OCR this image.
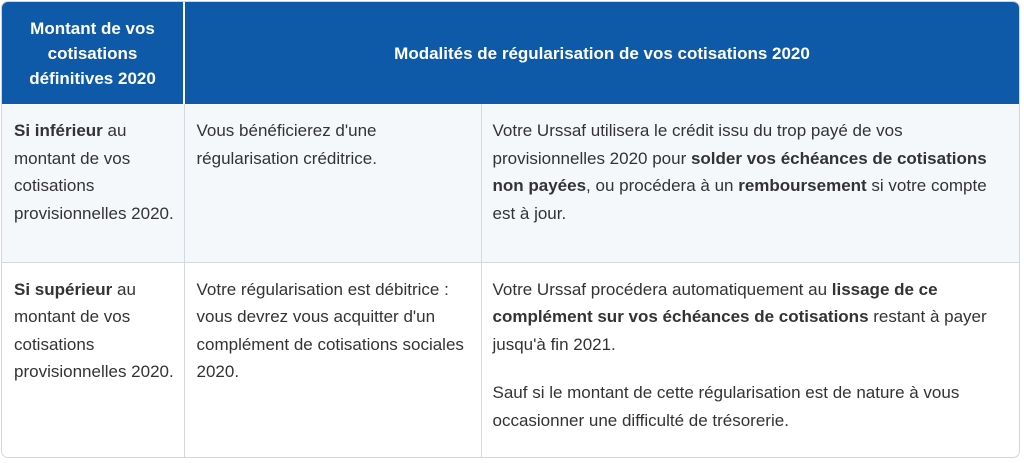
Montant de vos cotisations définitives 2020	Modalités de régularisation de vos cotisations 2020	
Si inférieur au montant de vos cotisations provisionnelles 2020.	Vous bénéficierez d'une régularisation créditrice.	Votre Urssaf utilisera le crédit issu du trop payé de vos provisionnelles 2020 pour solder vos échéances de cotisations non payées, ou procédera à un remboursement si votre compte est à jour.

Si supérieur au montant de vos cotisations provisionnelles 2020.	Votre régularisation est débitrice : vous devrez vous acquitter d'un complément de cotisations sociales 2020.	Votre Urssaf procédera automatiquement au lissage de ce complément sur vos échéances de cotisations restant à payer jusqu'à fin 2021.
Sauf si le montant de cette régularisation est de nature à vous occasionner une difficulté de trésorerie.
